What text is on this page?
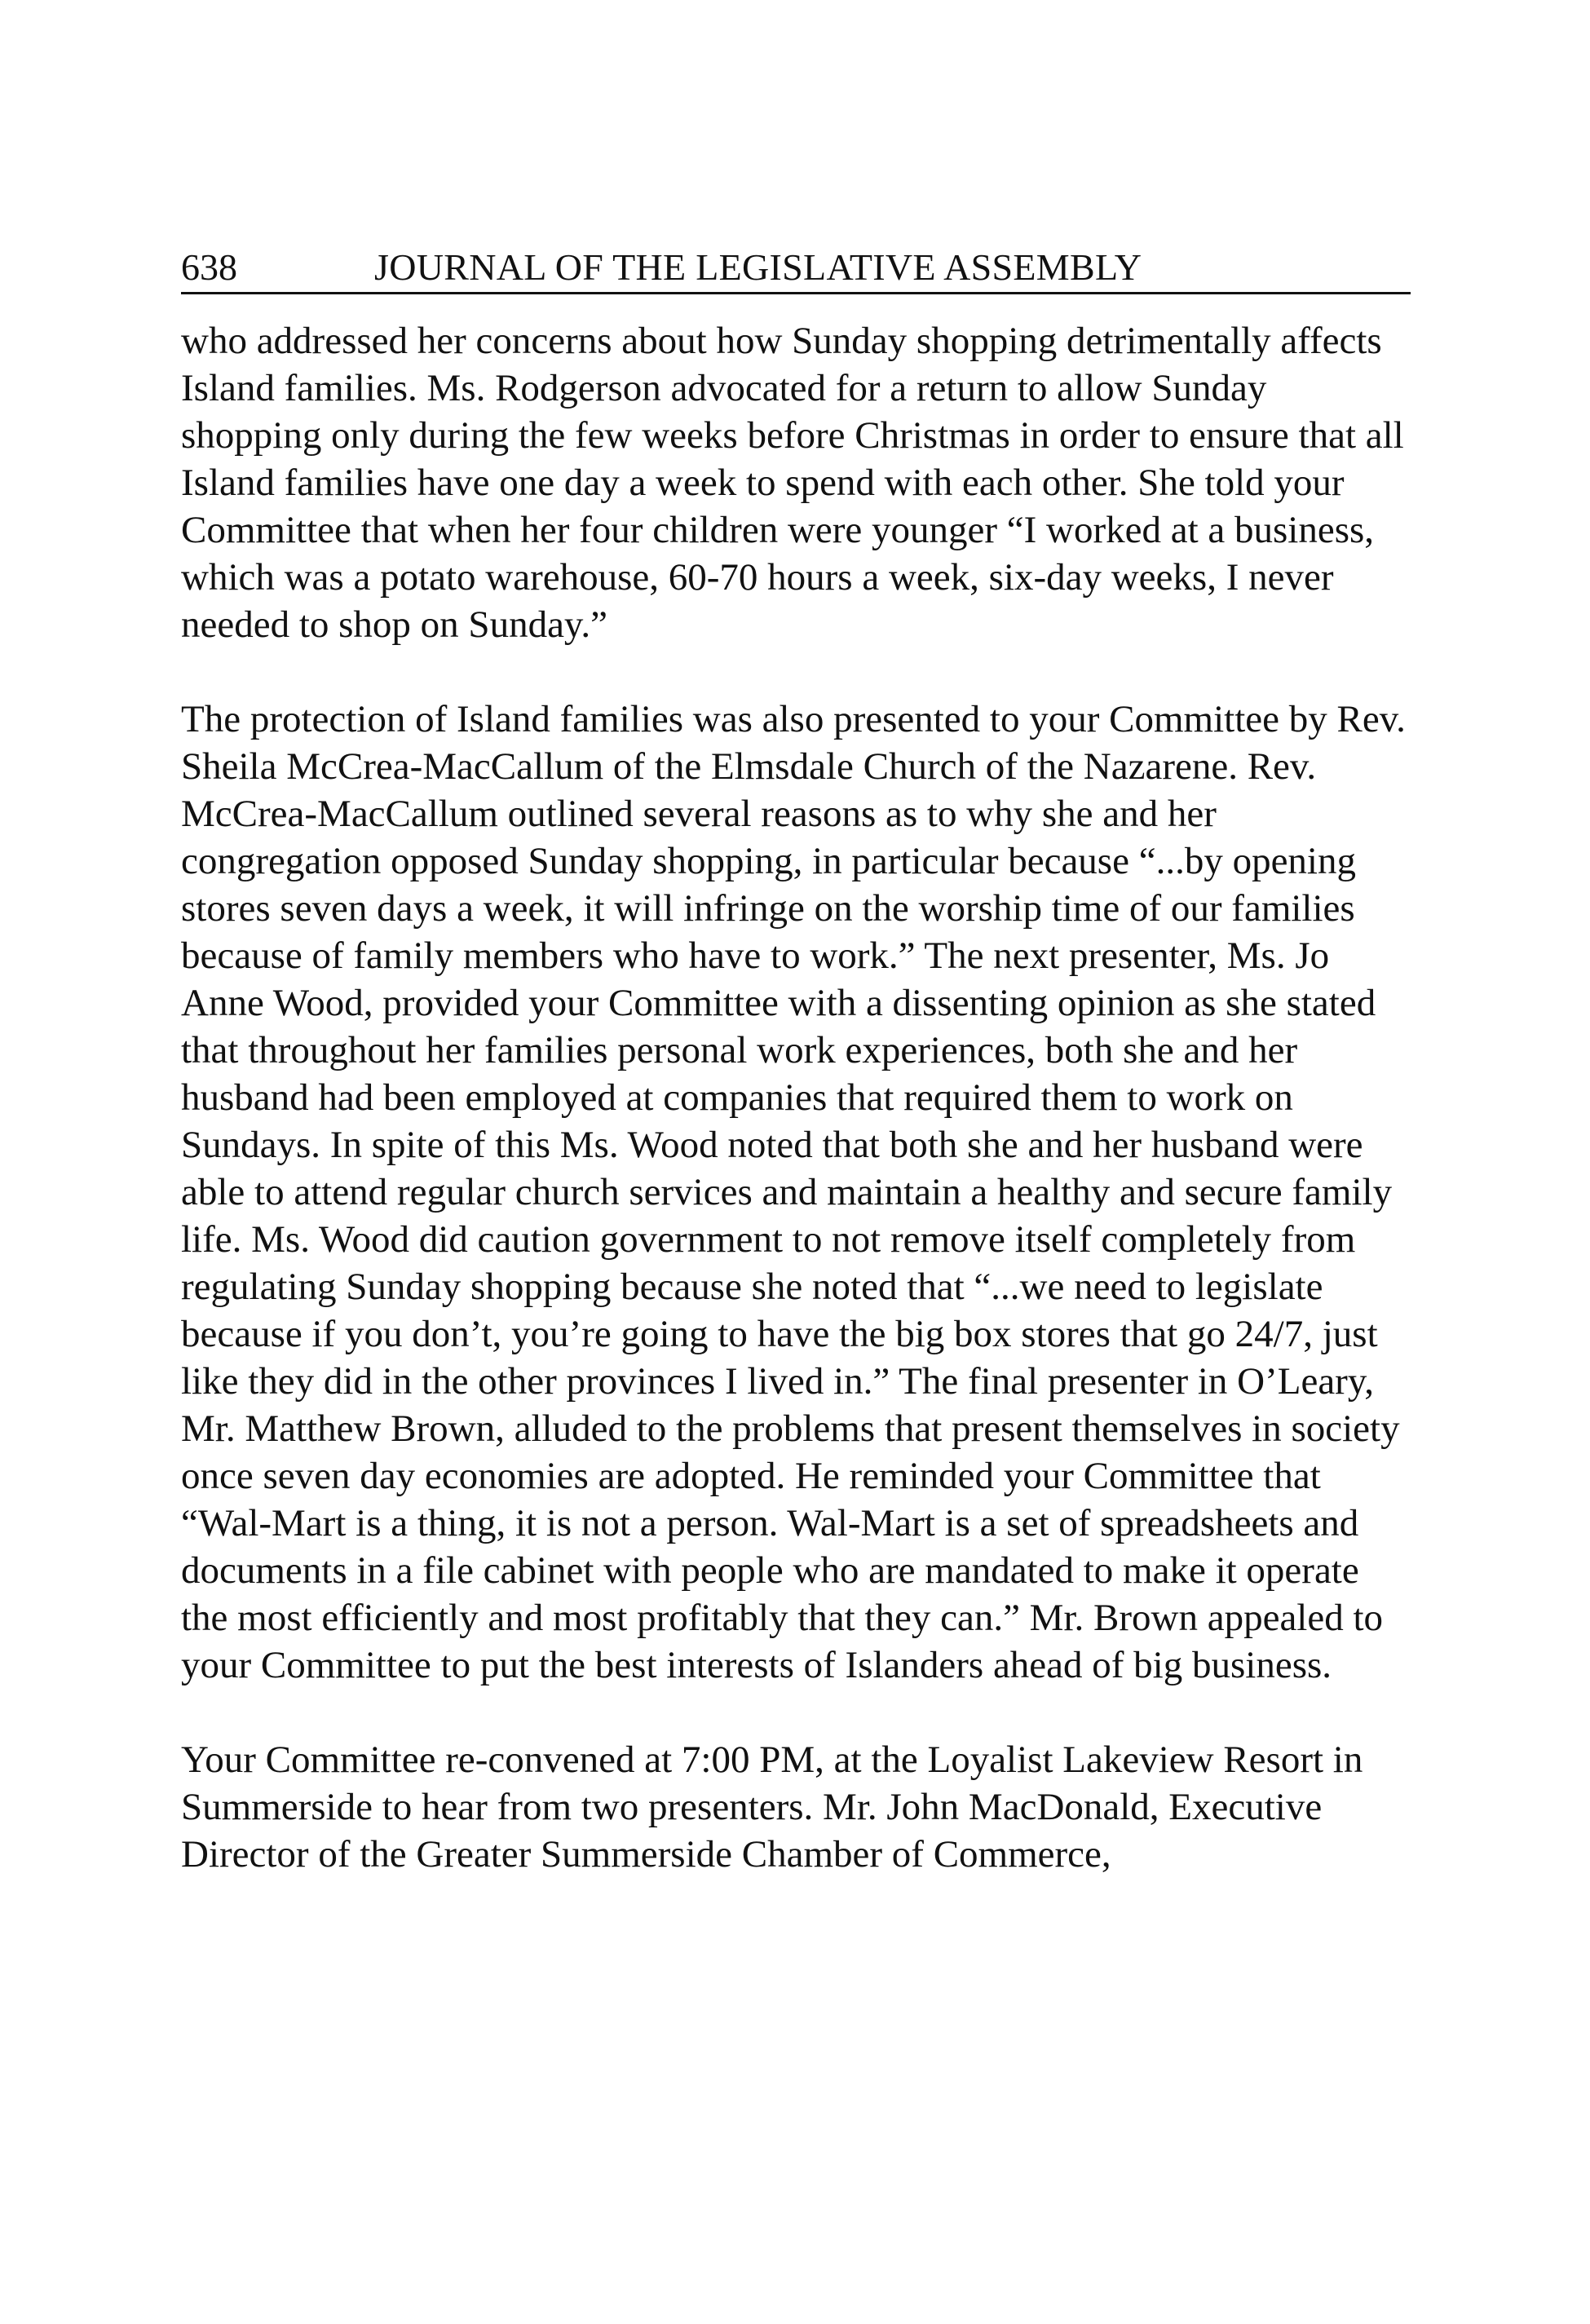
638	JOURNAL OF THE LEGISLATIVE ASSEMBLY

who addressed her concerns about how Sunday shopping detrimentally affects Island families. Ms. Rodgerson advocated for a return to allow Sunday shopping only during the few weeks before Christmas in order to ensure that all Island families have one day a week to spend with each other. She told your Committee that when her four children were younger “I worked at a business, which was a potato warehouse, 60-70 hours a week, six-day weeks, I never needed to shop on Sunday.”

The protection of Island families was also presented to your Committee by Rev. Sheila McCrea-MacCallum of the Elmsdale Church of the Nazarene. Rev. McCrea-MacCallum outlined several reasons as to why she and her congregation opposed Sunday shopping, in particular because “...by opening stores seven days a week, it will infringe on the worship time of our families because of family members who have to work.” The next presenter, Ms. Jo Anne Wood, provided your Committee with a dissenting opinion as she stated that throughout her families personal work experiences, both she and her husband had been employed at companies that required them to work on Sundays. In spite of this Ms. Wood noted that both she and her husband were able to attend regular church services and maintain a healthy and secure family life. Ms. Wood did caution government to not remove itself completely from regulating Sunday shopping because she noted that “...we need to legislate because if you don’t, you’re going to have the big box stores that go 24/7, just like they did in the other provinces I lived in.” The final presenter in O’Leary, Mr. Matthew Brown, alluded to the problems that present themselves in society once seven day economies are adopted. He reminded your Committee that “Wal-Mart is a thing, it is not a person. Wal-Mart is a set of spreadsheets and documents in a file cabinet with people who are mandated to make it operate the most efficiently and most profitably that they can.” Mr. Brown appealed to your Committee to put the best interests of Islanders ahead of big business.

Your Committee re-convened at 7:00 PM, at the Loyalist Lakeview Resort in Summerside to hear from two presenters. Mr. John MacDonald, Executive Director of the Greater Summerside Chamber of Commerce,
